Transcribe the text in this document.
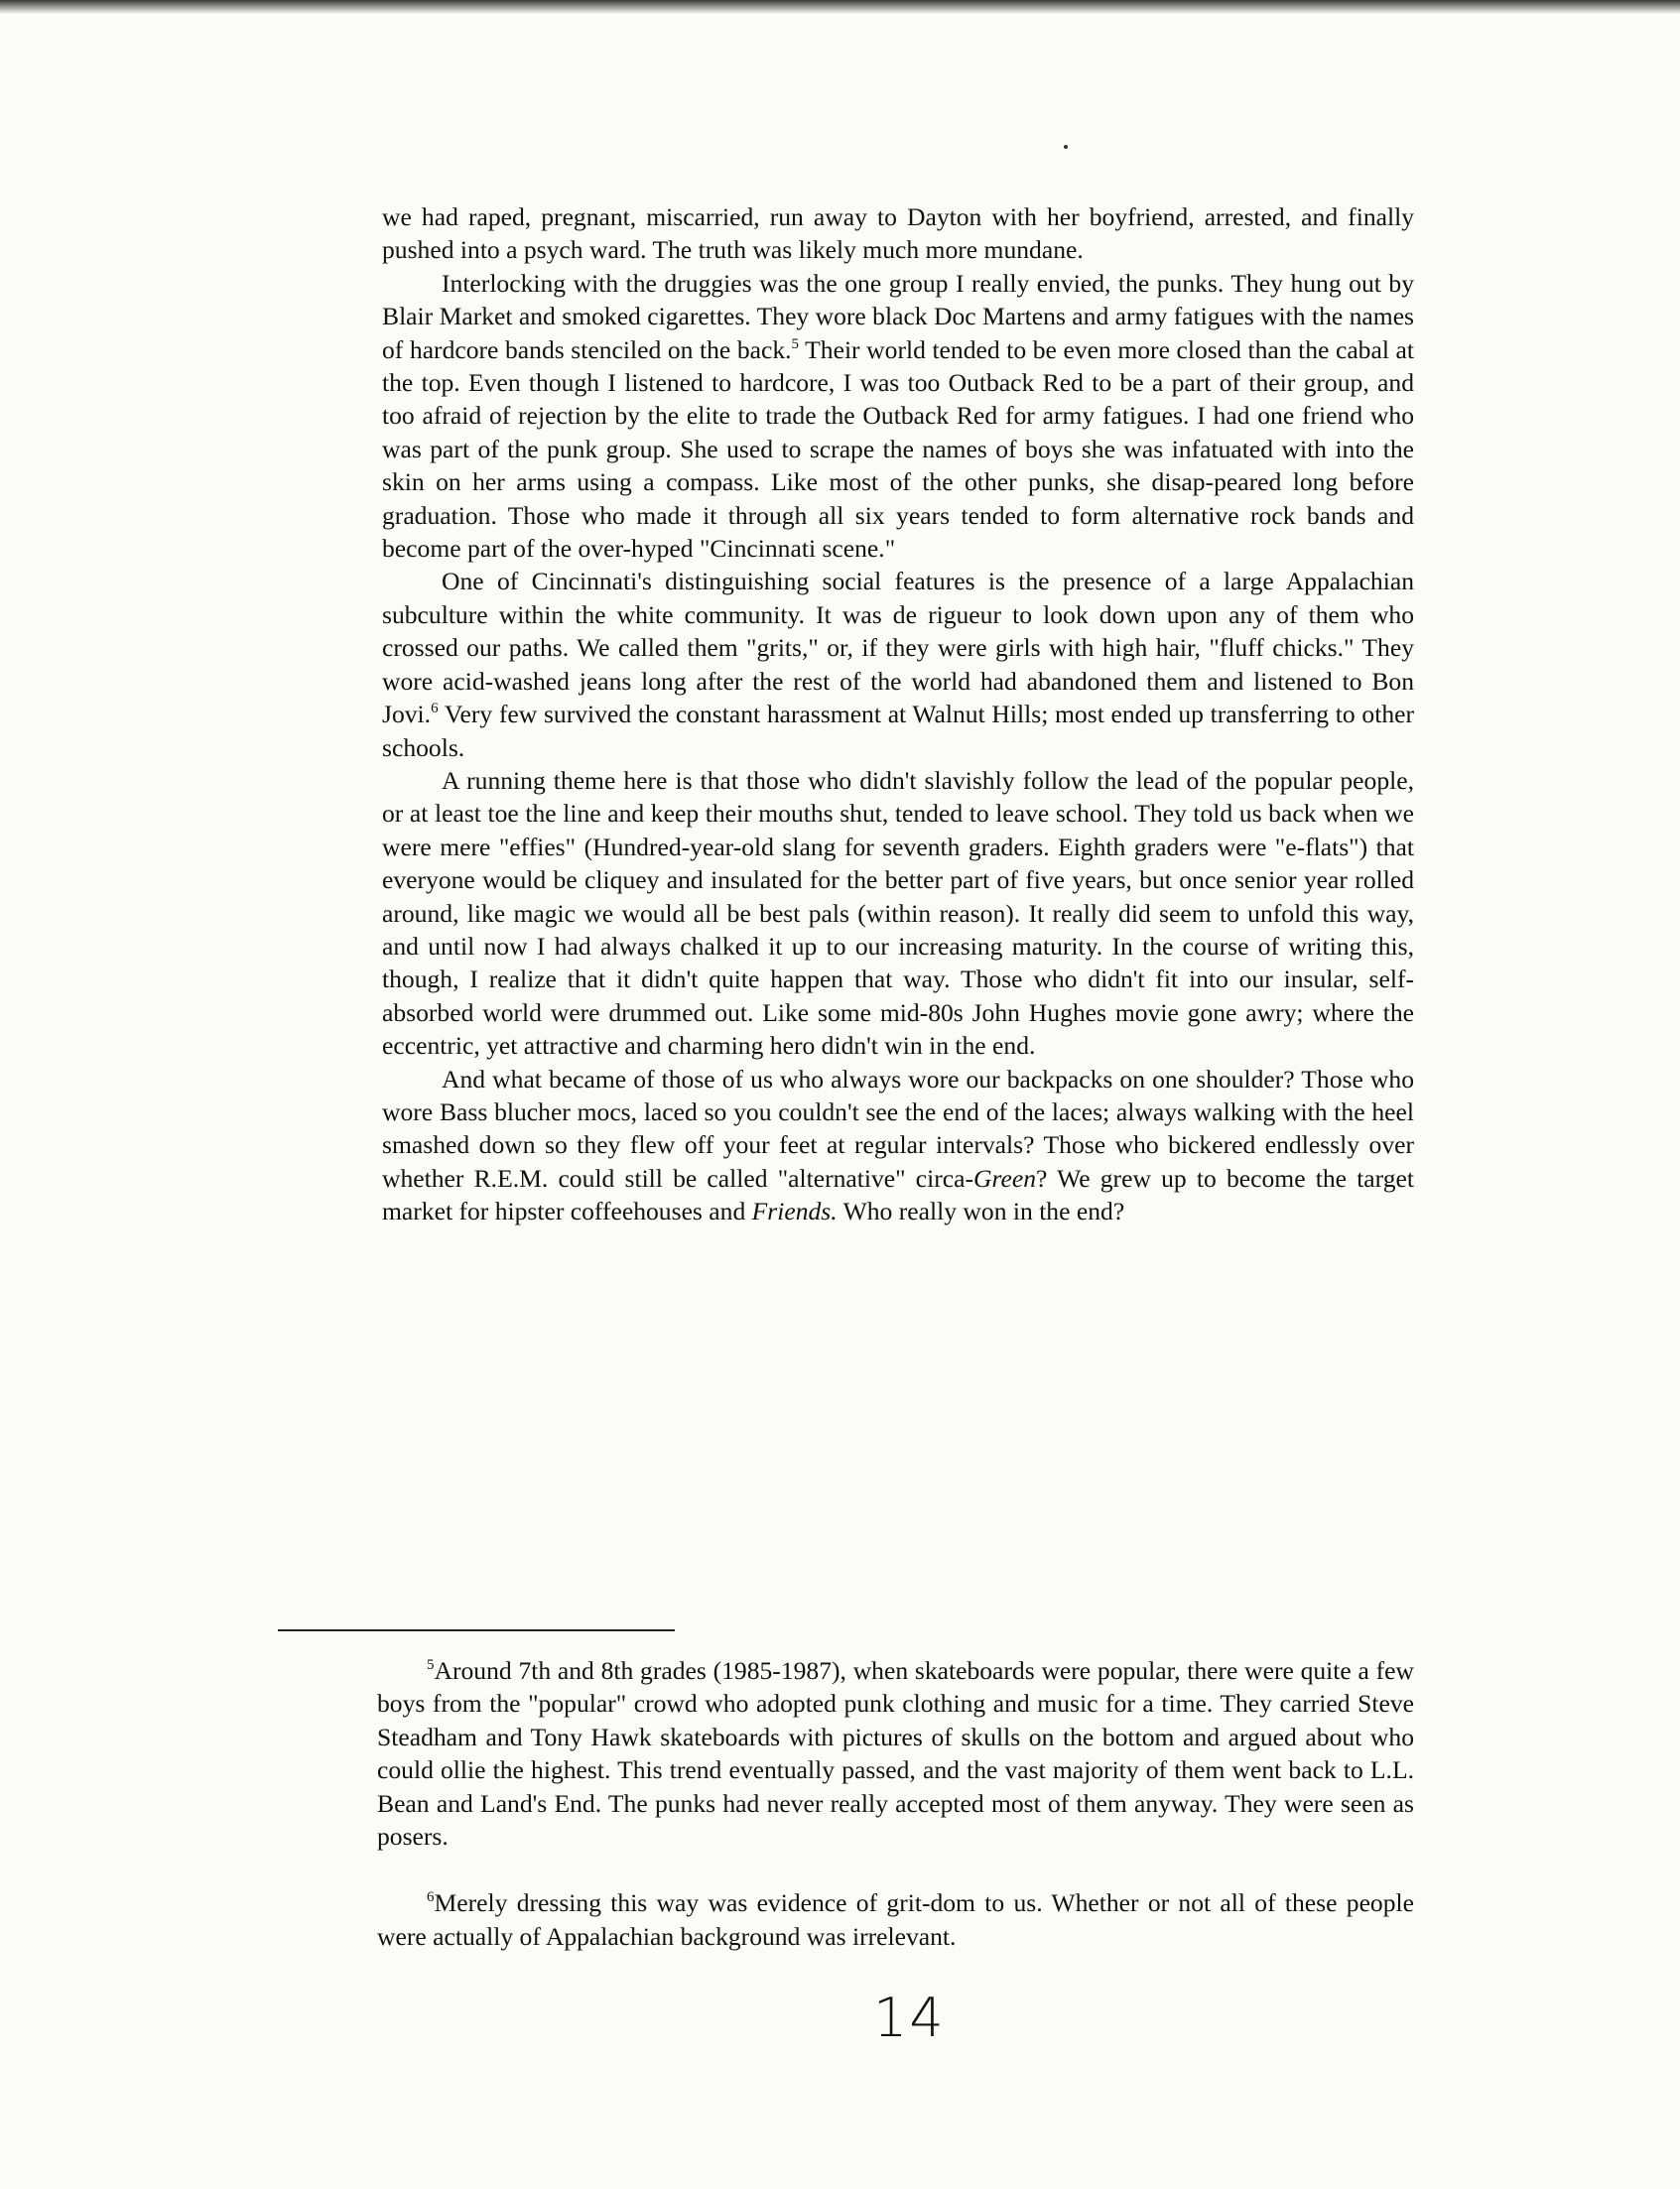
we had raped, pregnant, miscarried, run away to Dayton with her boyfriend, arrested, and finally pushed into a psych ward. The truth was likely much more mundane.

Interlocking with the druggies was the one group I really envied, the punks. They hung out by Blair Market and smoked cigarettes. They wore black Doc Martens and army fatigues with the names of hardcore bands stenciled on the back.$^5$ Their world tended to be even more closed than the cabal at the top. Even though I listened to hardcore, I was too Outback Red to be a part of their group, and too afraid of rejection by the elite to trade the Outback Red for army fatigues. I had one friend who was part of the punk group. She used to scrape the names of boys she was infatuated with into the skin on her arms using a compass. Like most of the other punks, she disap-peared long before graduation. Those who made it through all six years tended to form alternative rock bands and become part of the over-hyped "Cincinnati scene."

One of Cincinnati's distinguishing social features is the presence of a large Appalachian subculture within the white community. It was de rigueur to look down upon any of them who crossed our paths. We called them "grits," or, if they were girls with high hair, "fluff chicks." They wore acid-washed jeans long after the rest of the world had abandoned them and listened to Bon Jovi.$^6$ Very few survived the constant harassment at Walnut Hills; most ended up transferring to other schools.

A running theme here is that those who didn't slavishly follow the lead of the popular people, or at least toe the line and keep their mouths shut, tended to leave school. They told us back when we were mere "effies" (Hundred-year-old slang for seventh graders. Eighth graders were "e-flats") that everyone would be cliquey and insulated for the better part of five years, but once senior year rolled around, like magic we would all be best pals (within reason). It really did seem to unfold this way, and until now I had always chalked it up to our increasing maturity. In the course of writing this, though, I realize that it didn't quite happen that way. Those who didn't fit into our insular, self-absorbed world were drummed out. Like some mid-80s John Hughes movie gone awry; where the eccentric, yet attractive and charming hero didn't win in the end.

And what became of those of us who always wore our backpacks on one shoulder? Those who wore Bass blucher mocs, laced so you couldn't see the end of the laces; always walking with the heel smashed down so they flew off your feet at regular intervals? Those who bickered endlessly over whether R.E.M. could still be called "alternative" circa-Green? We grew up to become the target market for hipster coffeehouses and Friends. Who really won in the end?

$^5$Around 7th and 8th grades (1985-1987), when skateboards were popular, there were quite a few boys from the "popular" crowd who adopted punk clothing and music for a time. They carried Steve Steadham and Tony Hawk skateboards with pictures of skulls on the bottom and argued about who could ollie the highest. This trend eventually passed, and the vast majority of them went back to L.L. Bean and Land's End. The punks had never really accepted most of them anyway. They were seen as posers.

$^6$Merely dressing this way was evidence of grit-dom to us. Whether or not all of these people were actually of Appalachian background was irrelevant.

14
